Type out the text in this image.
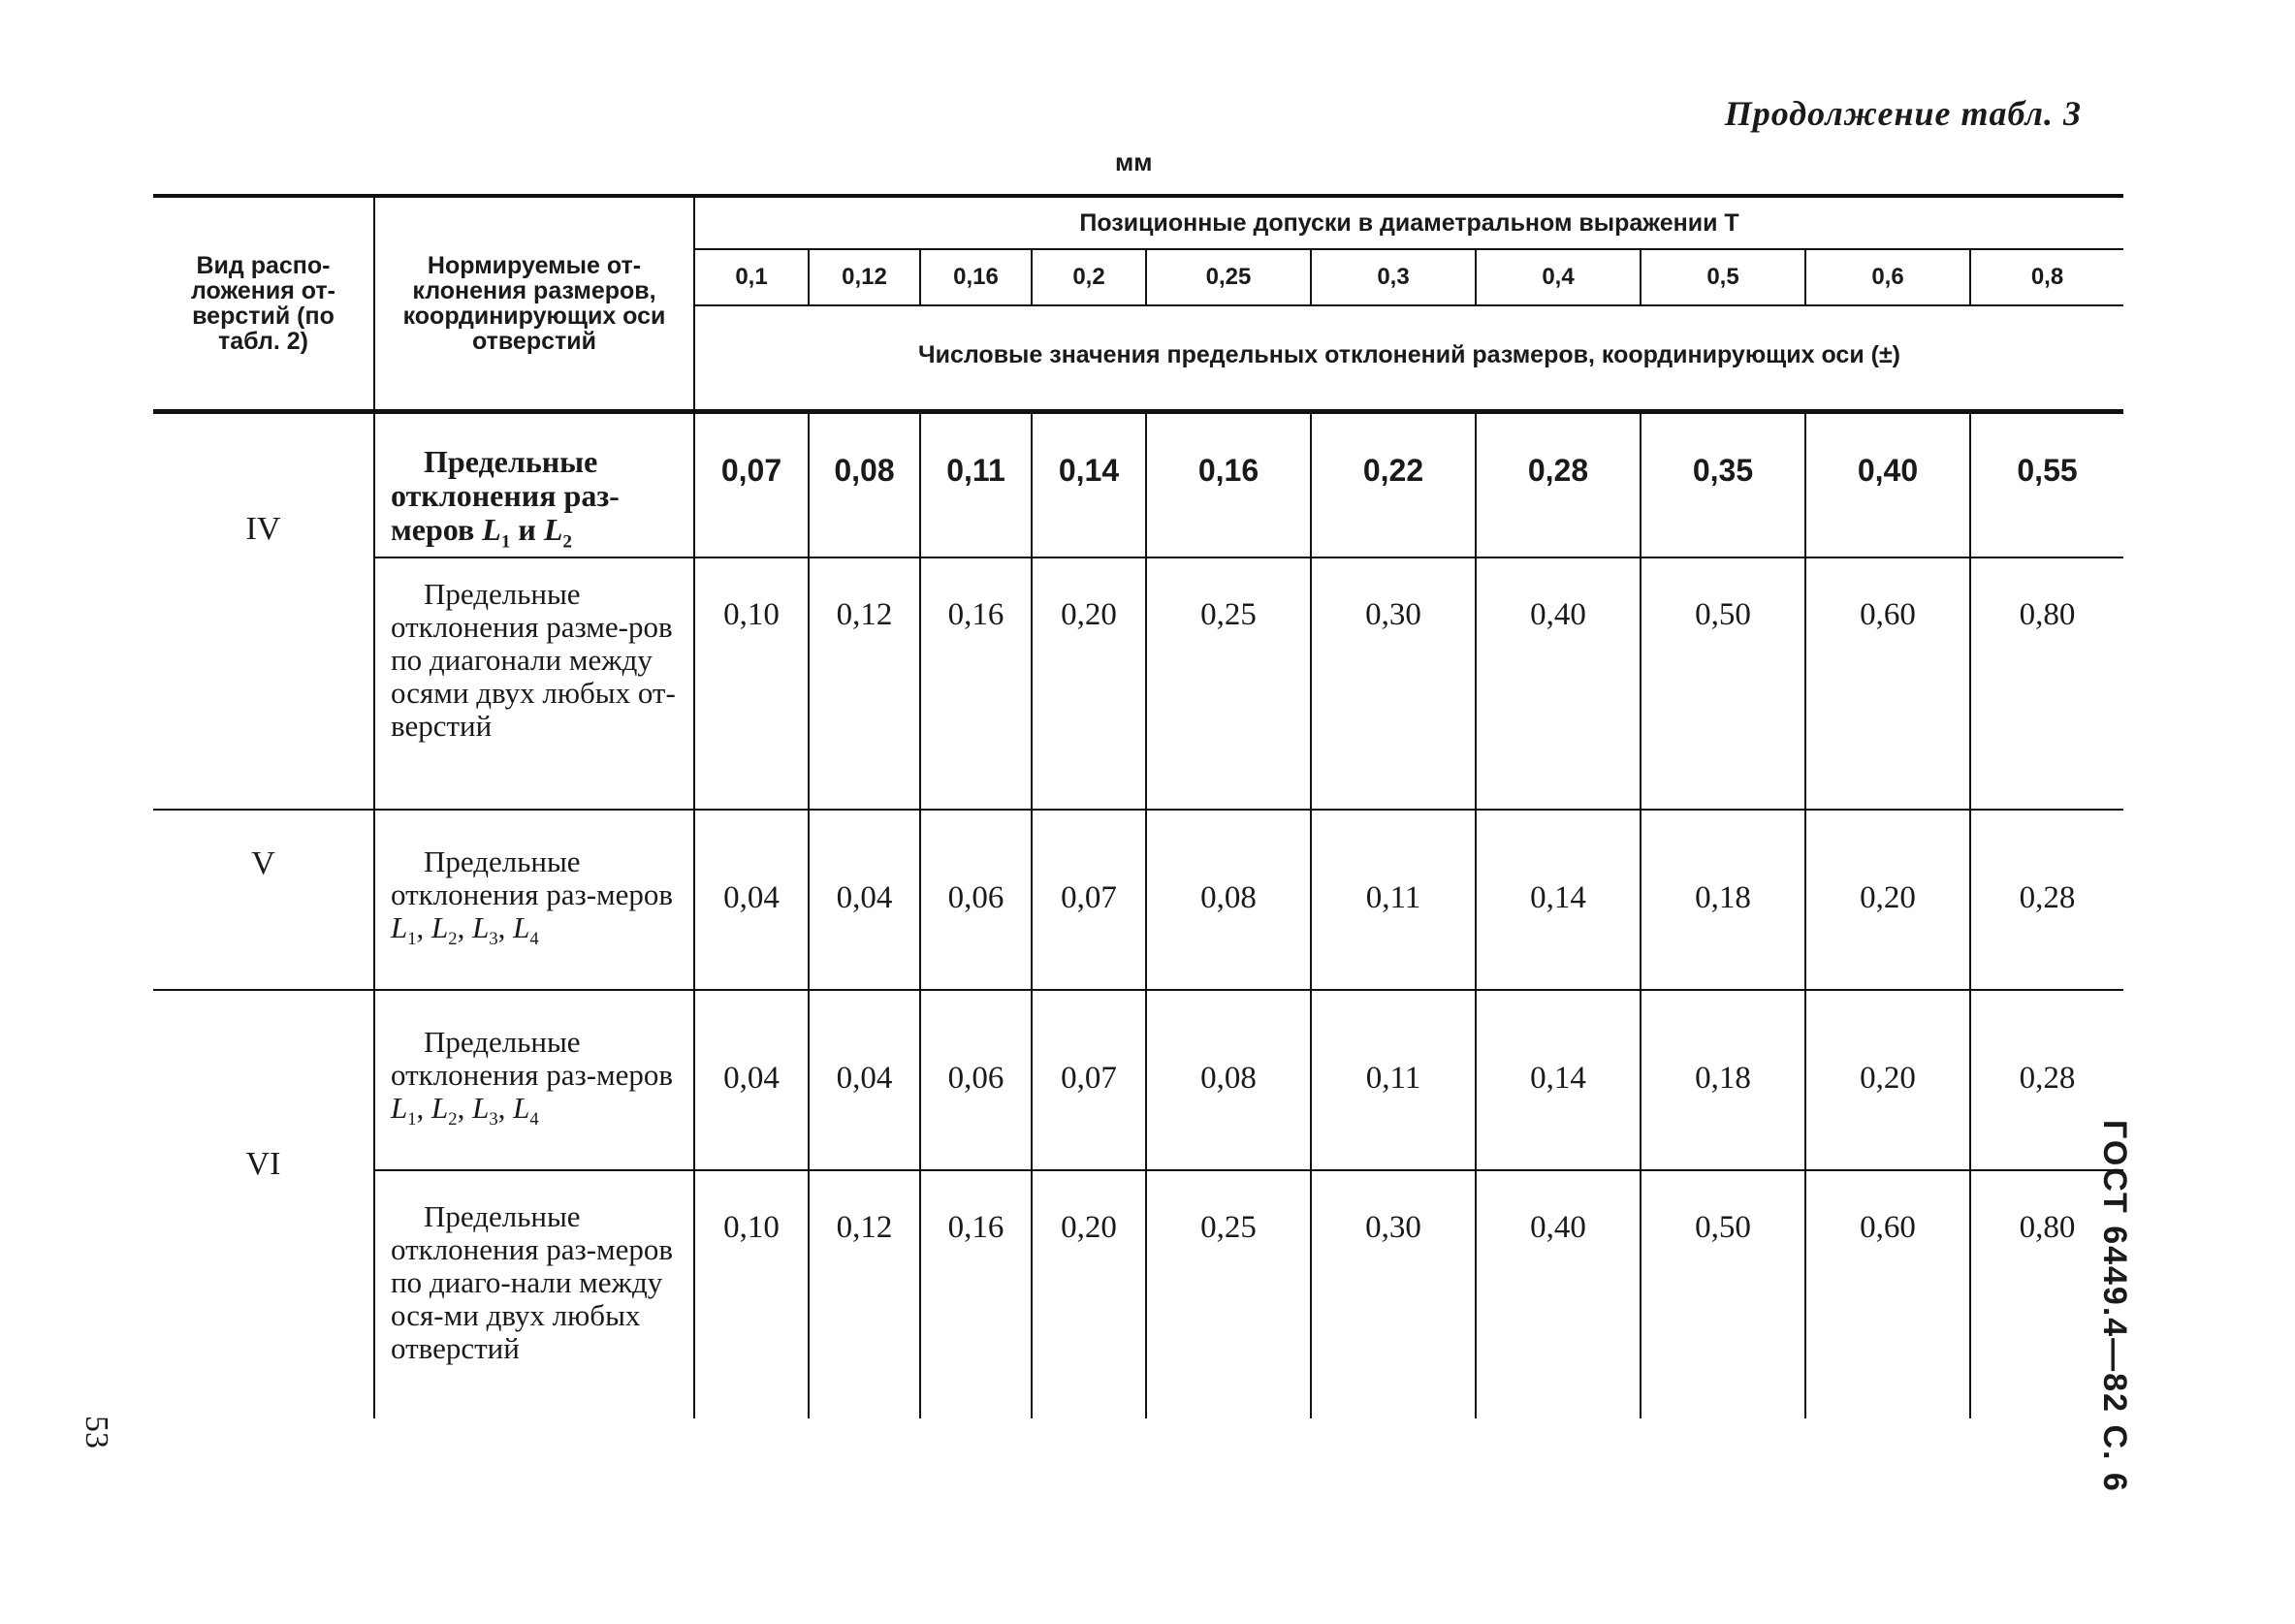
Продолжение табл. 3
мм
ГОСТ 6449.4—82 С. 6
53
Вид распо-ложения от-верстий (по табл. 2)	Нормируемые от-клонения размеров, координирующих оси отверстий	Позиционные допуски в диаметральном выражении T									
		0,1	0,12	0,16	0,2	0,25	0,3	0,4	0,5	0,6	0,8
		Числовые значения предельных отклонений размеров, координирующих оси (±)									
IV	Предельные отклонения раз-меров $L_1$ и $L_2$	0,07	0,08	0,11	0,14	0,16	0,22	0,28	0,35	0,40	0,55
	Предельные отклонения разме-ров по диагонали между осями двух любых от-верстий	0,10	0,12	0,16	0,20	0,25	0,30	0,40	0,50	0,60	0,80
V	Предельные отклонения раз-меров $L_1$, $L_2$, $L_3$, $L_4$	0,04	0,04	0,06	0,07	0,08	0,11	0,14	0,18	0,20	0,28
VI	Предельные отклонения раз-меров $L_1$, $L_2$, $L_3$, $L_4$	0,04	0,04	0,06	0,07	0,08	0,11	0,14	0,18	0,20	0,28
	Предельные отклонения раз-меров по диаго-нали между ося-ми двух любых отверстий	0,10	0,12	0,16	0,20	0,25	0,30	0,40	0,50	0,60	0,80
